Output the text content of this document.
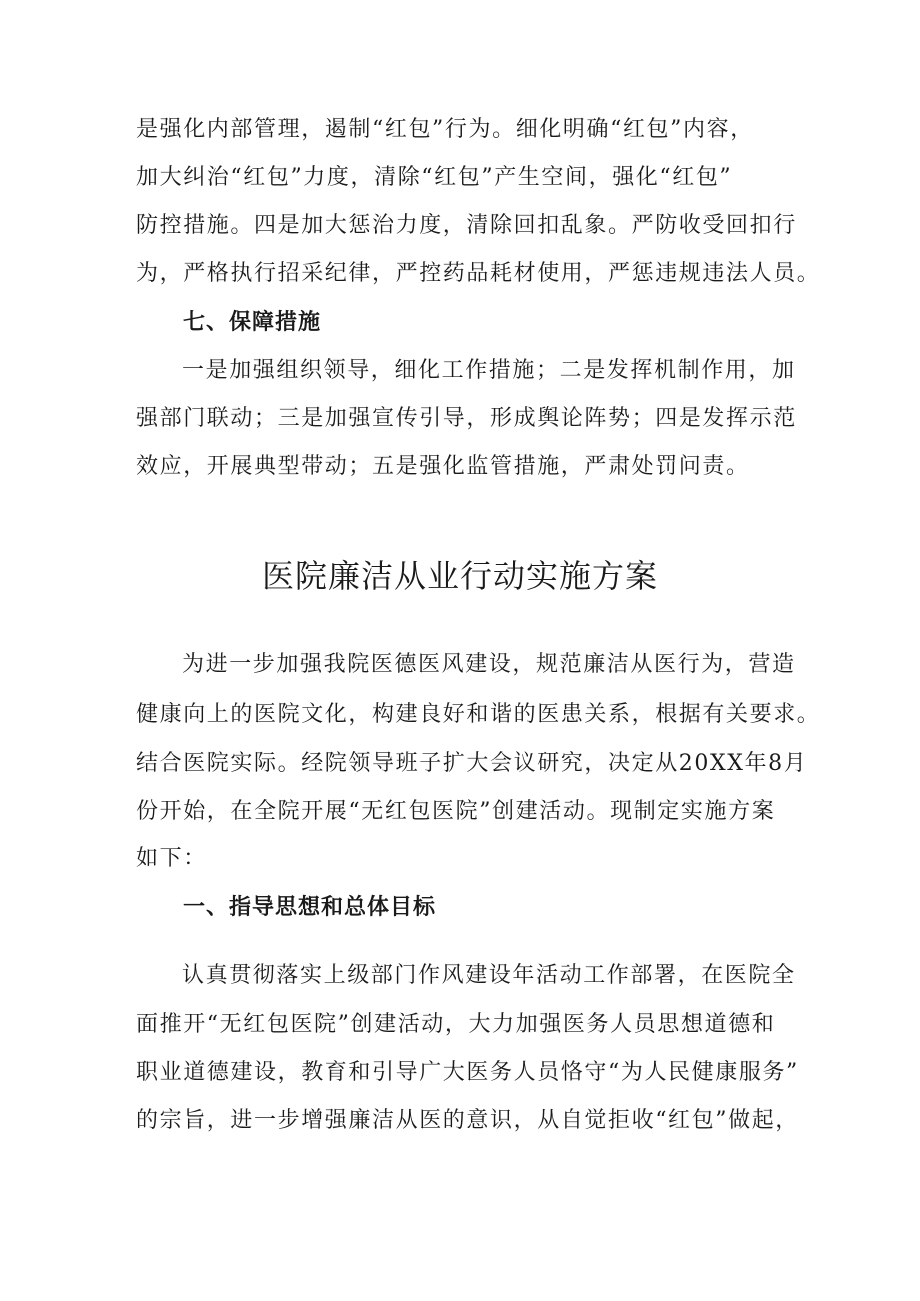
是强化内部管理，遏制“红包”行为。细化明确“红包”内容，
加大纠治“红包”力度，清除“红包”产生空间，强化“红包”
防控措施。四是加大惩治力度，清除回扣乱象。严防收受回扣行
为，严格执行招采纪律，严控药品耗材使用，严惩违规违法人员。
七、保障措施
一是加强组织领导，细化工作措施；二是发挥机制作用，加
强部门联动；三是加强宣传引导，形成舆论阵势；四是发挥示范
效应，开展典型带动；五是强化监管措施，严肃处罚问责。
医院廉洁从业行动实施方案
为进一步加强我院医德医风建设，规范廉洁从医行为，营造
健康向上的医院文化，构建良好和谐的医患关系，根据有关要求。
结合医院实际。经院领导班子扩大会议研究，决定从20XX年8月
份开始，在全院开展“无红包医院”创建活动。现制定实施方案
如下：
一、指导思想和总体目标
认真贯彻落实上级部门作风建设年活动工作部署，在医院全
面推开“无红包医院”创建活动，大力加强医务人员思想道德和
职业道德建设，教育和引导广大医务人员恪守“为人民健康服务”
的宗旨，进一步增强廉洁从医的意识，从自觉拒收“红包”做起，
